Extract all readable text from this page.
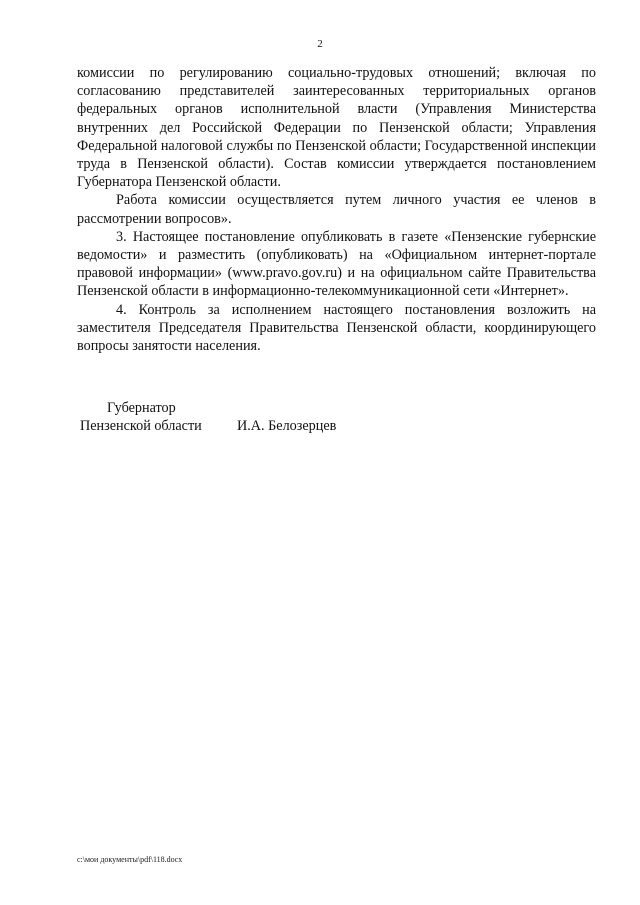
2

комиссии по регулированию социально-трудовых отношений; включая по согласованию представителей заинтересованных территориальных органов федеральных органов исполнительной власти (Управления Министерства внутренних дел Российской Федерации по Пензенской области; Управления Федеральной налоговой службы по Пензенской области; Государственной инспекции труда в Пензенской области). Состав комиссии утверждается постановлением Губернатора Пензенской области.

Работа комиссии осуществляется путем личного участия ее членов в рассмотрении вопросов».

3. Настоящее постановление опубликовать в газете «Пензенские губернские ведомости» и разместить (опубликовать) на «Официальном интернет-портале правовой информации» (www.pravo.gov.ru) и на официальном сайте Правительства Пензенской области в информационно-телекоммуникационной сети «Интернет».

4. Контроль за исполнением настоящего постановления возложить на заместителя Председателя Правительства Пензенской области, координирующего вопросы занятости населения.

Губернатор
Пензенской области И.А. Белозерцев
c:\мои документы\pdf\118.docx
